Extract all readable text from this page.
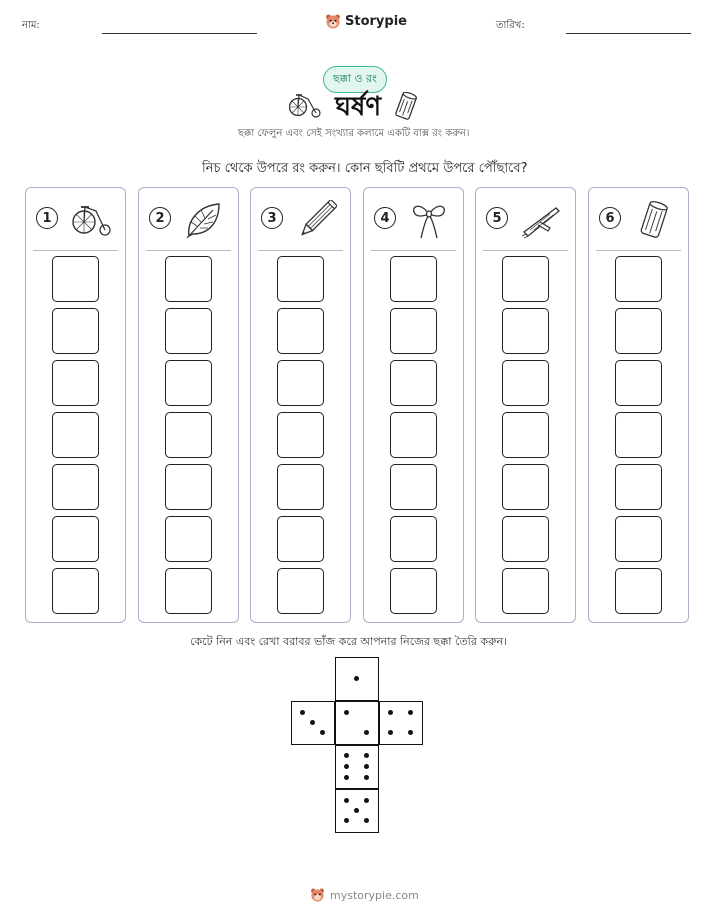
নাম:	Storypie	তারিখ:
ছক্কা ও রং
ঘর্ষণ
ছক্কা ফেলুন এবং সেই সংখ্যার কলামে একটি বাক্স রং করুন।
নিচ থেকে উপরে রং করুন। কোন ছবিটি প্রথমে উপরে পৌঁছাবে?
1	2	3	4	5	6
কেটে নিন এবং রেখা বরাবর ভাঁজ করে আপনার নিজের ছক্কা তৈরি করুন।
mystorypie.com
